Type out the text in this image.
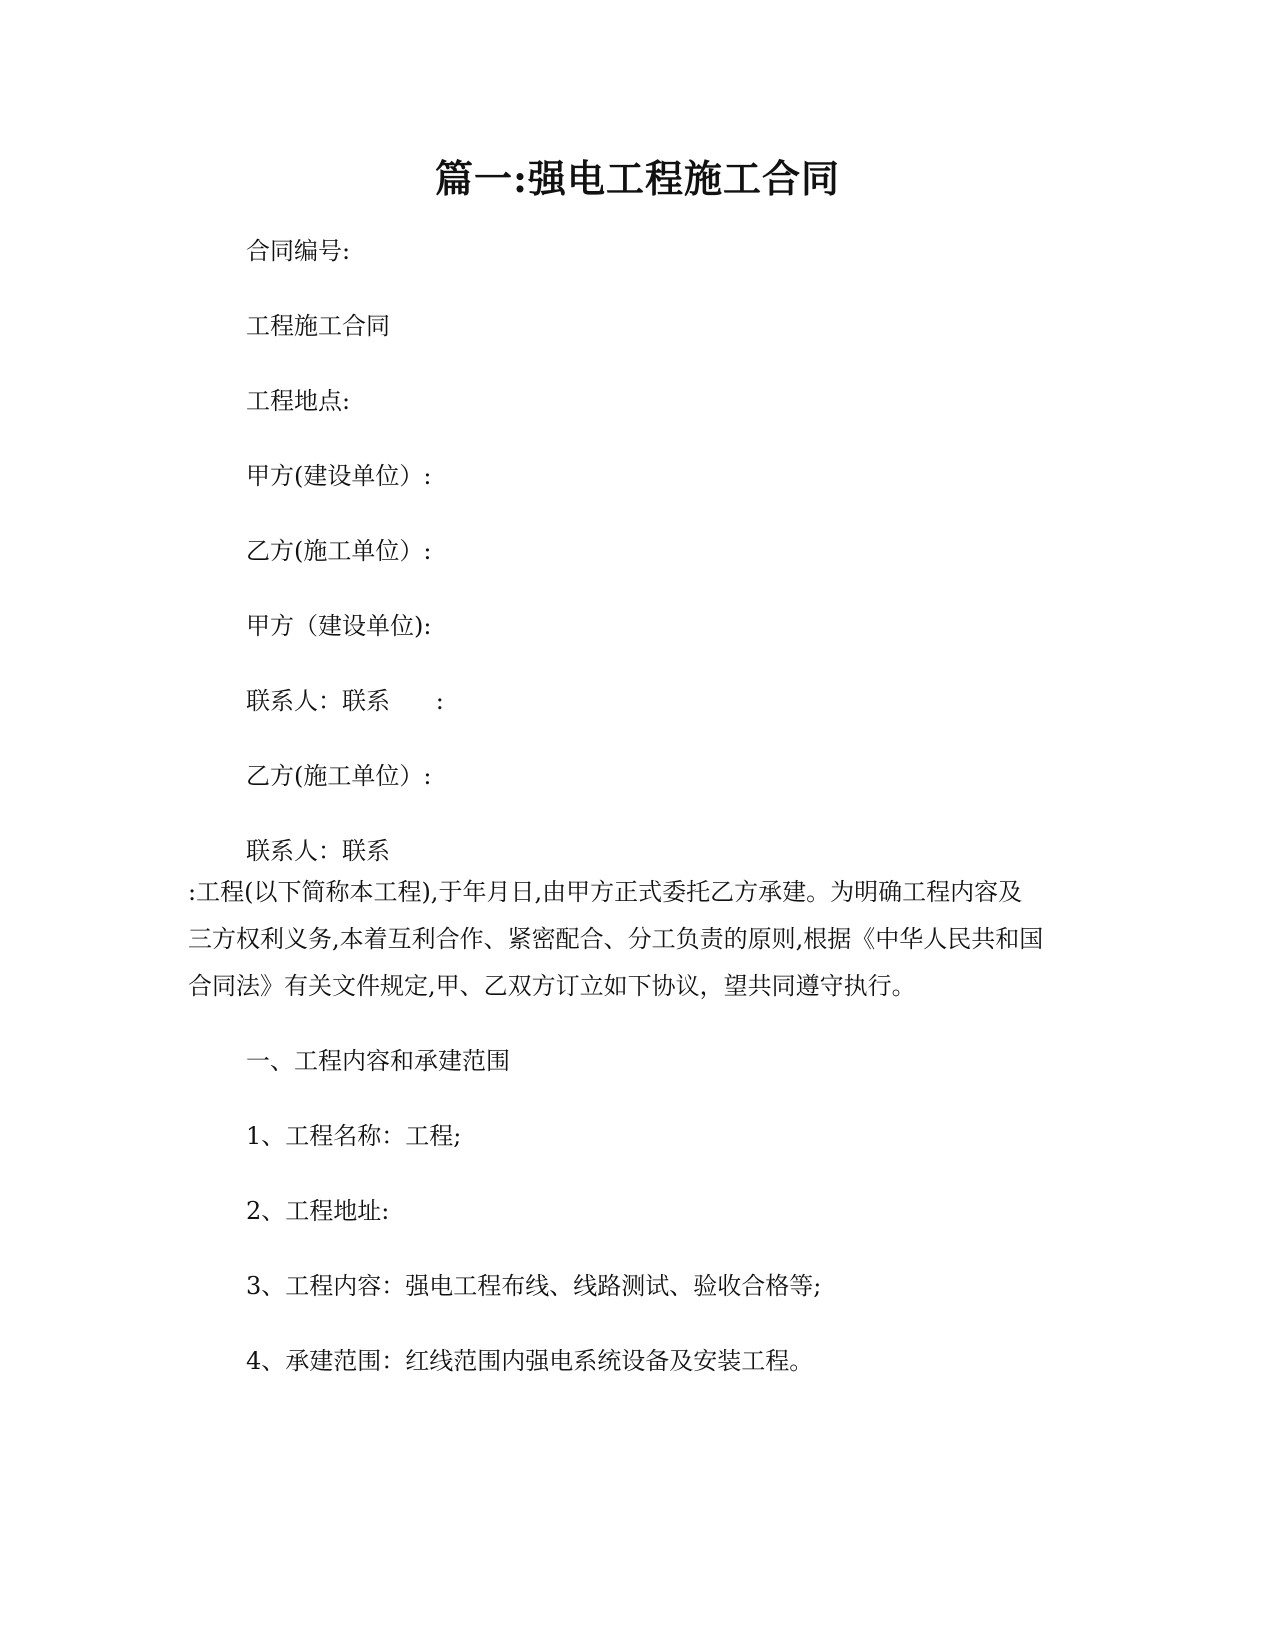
篇一:强电工程施工合同
合同编号:
工程施工合同
工程地点:
甲方(建设单位）:
乙方(施工单位）:
甲方（建设单位):
联系人：联系      :
乙方(施工单位）:
联系人：联系
:工程(以下简称本工程),于年月日,由甲方正式委托乙方承建。为明确工程内容及
三方权利义务,本着互利合作、紧密配合、分工负责的原则,根据《中华人民共和国
合同法》有关文件规定,甲、乙双方订立如下协议，望共同遵守执行。
一、工程内容和承建范围
1、工程名称：工程;
2、工程地址:
3、工程内容：强电工程布线、线路测试、验收合格等;
4、承建范围：红线范围内强电系统设备及安装工程。
